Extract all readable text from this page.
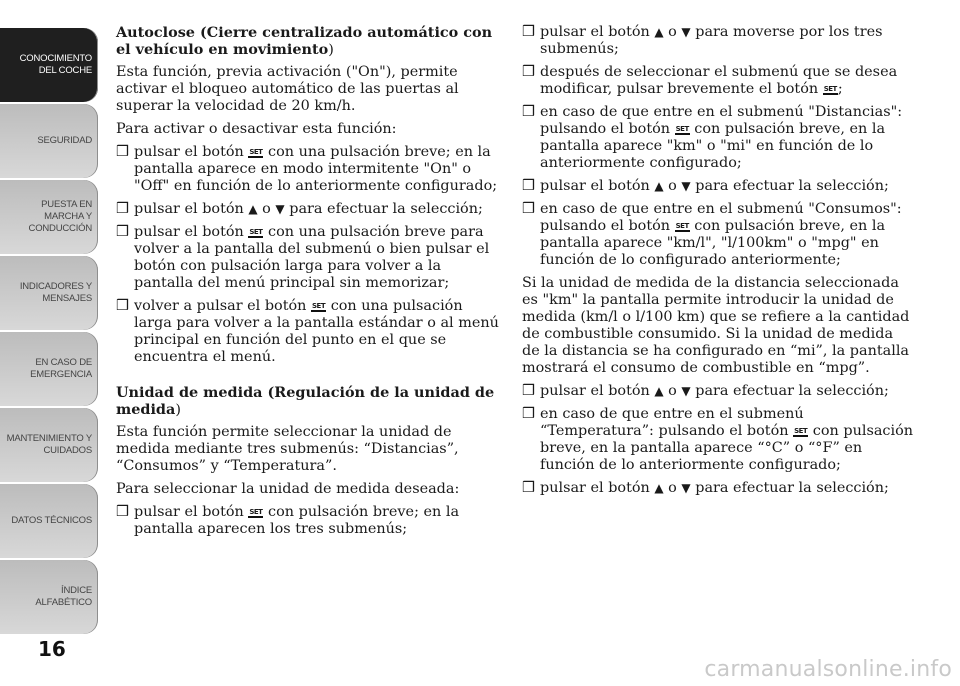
CONOCIMIENTO
DEL COCHE
SEGURIDAD
PUESTA EN
MARCHA Y
CONDUCCIÓN
INDICADORES Y
MENSAJES
EN CASO DE
EMERGENCIA
MANTENIMIENTO Y
CUIDADOS
DATOS TÉCNICOS
ÍNDICE
ALFABÉTICO
16
Autoclose (Cierre centralizado automático con el vehículo en movimiento)

Esta función, previa activación ("On"), permite activar el bloqueo automático de las puertas al superar la velocidad de 20 km/h.

Para activar o desactivar esta función:

❒ pulsar el botón SET con una pulsación breve; en la pantalla aparece en modo intermitente "On" o "Off" en función de lo anteriormente configurado;
❒ pulsar el botón ▲ o ▼ para efectuar la selección;
❒ pulsar el botón SET con una pulsación breve para volver a la pantalla del submenú o bien pulsar el botón con pulsación larga para volver a la pantalla del menú principal sin memorizar;
❒ volver a pulsar el botón SET con una pulsación larga para volver a la pantalla estándar o al menú principal en función del punto en el que se encuentra el menú.
Unidad de medida (Regulación de la unidad de medida)

Esta función permite seleccionar la unidad de medida mediante tres submenús: “Distancias”, “Consumos” y “Temperatura”.

Para seleccionar la unidad de medida deseada:

❒ pulsar el botón SET con pulsación breve; en la pantalla aparecen los tres submenús;
❒ pulsar el botón ▲ o ▼ para moverse por los tres submenús;
❒ después de seleccionar el submenú que se desea modificar, pulsar brevemente el botón SET;
❒ en caso de que entre en el submenú "Distancias": pulsando el botón SET con pulsación breve, en la pantalla aparece "km" o "mi" en función de lo anteriormente configurado;
❒ pulsar el botón ▲ o ▼ para efectuar la selección;
❒ en caso de que entre en el submenú "Consumos": pulsando el botón SET con pulsación breve, en la pantalla aparece "km/l", "l/100km" o "mpg" en función de lo configurado anteriormente;

Si la unidad de medida de la distancia seleccionada es "km" la pantalla permite introducir la unidad de medida (km/l o l/100 km) que se refiere a la cantidad de combustible consumido. Si la unidad de medida de la distancia se ha configurado en “mi”, la pantalla mostrará el consumo de combustible en “mpg”.

❒ pulsar el botón ▲ o ▼ para efectuar la selección;
❒ en caso de que entre en el submenú “Temperatura”: pulsando el botón SET con pulsación breve, en la pantalla aparece “°C” o “°F” en función de lo anteriormente configurado;
❒ pulsar el botón ▲ o ▼ para efectuar la selección;
carmanualsonline.info
